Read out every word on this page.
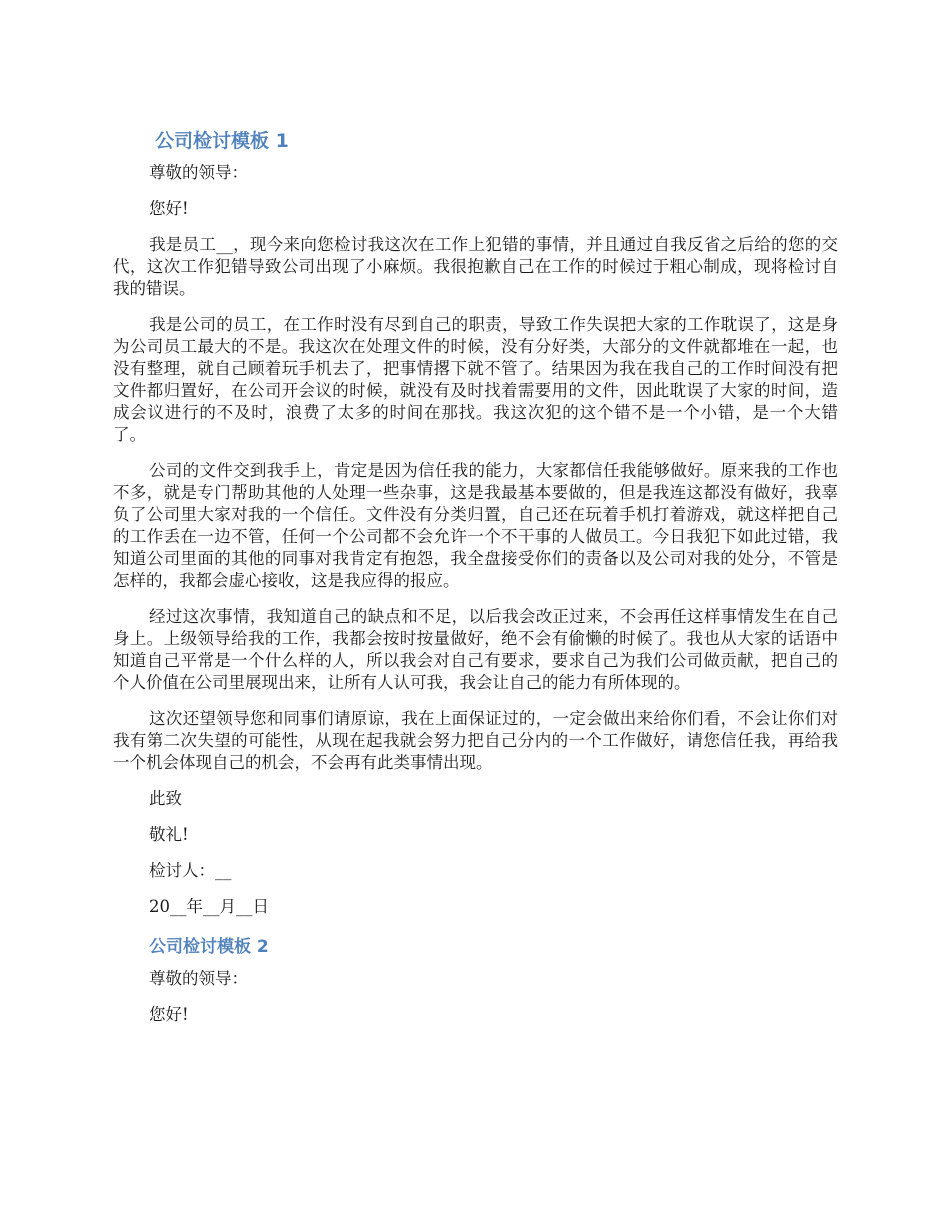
公司检讨模板 1

尊敬的领导：

您好!

我是员工__，现今来向您检讨我这次在工作上犯错的事情，并且通过自我反省之后给的您的交代，这次工作犯错导致公司出现了小麻烦。我很抱歉自己在工作的时候过于粗心制成，现将检讨自我的错误。

我是公司的员工，在工作时没有尽到自己的职责，导致工作失误把大家的工作耽误了，这是身为公司员工最大的不是。我这次在处理文件的时候，没有分好类，大部分的文件就都堆在一起，也没有整理，就自己顾着玩手机去了，把事情撂下就不管了。结果因为我在我自己的工作时间没有把文件都归置好，在公司开会议的时候，就没有及时找着需要用的文件，因此耽误了大家的时间，造成会议进行的不及时，浪费了太多的时间在那找。我这次犯的这个错不是一个小错，是一个大错了。

公司的文件交到我手上，肯定是因为信任我的能力，大家都信任我能够做好。原来我的工作也不多，就是专门帮助其他的人处理一些杂事，这是我最基本要做的，但是我连这都没有做好，我辜负了公司里大家对我的一个信任。文件没有分类归置，自己还在玩着手机打着游戏，就这样把自己的工作丢在一边不管，任何一个公司都不会允许一个不干事的人做员工。今日我犯下如此过错，我知道公司里面的其他的同事对我肯定有抱怨，我全盘接受你们的责备以及公司对我的处分，不管是怎样的，我都会虚心接收，这是我应得的报应。

经过这次事情，我知道自己的缺点和不足，以后我会改正过来，不会再任这样事情发生在自己身上。上级领导给我的工作，我都会按时按量做好，绝不会有偷懒的时候了。我也从大家的话语中知道自己平常是一个什么样的人，所以我会对自己有要求，要求自己为我们公司做贡献，把自己的个人价值在公司里展现出来，让所有人认可我，我会让自己的能力有所体现的。

这次还望领导您和同事们请原谅，我在上面保证过的，一定会做出来给你们看，不会让你们对我有第二次失望的可能性，从现在起我就会努力把自己分内的一个工作做好，请您信任我，再给我一个机会体现自己的机会，不会再有此类事情出现。

此致

敬礼!

检讨人：__

20__年__月__日

公司检讨模板 2

尊敬的领导：

您好!
